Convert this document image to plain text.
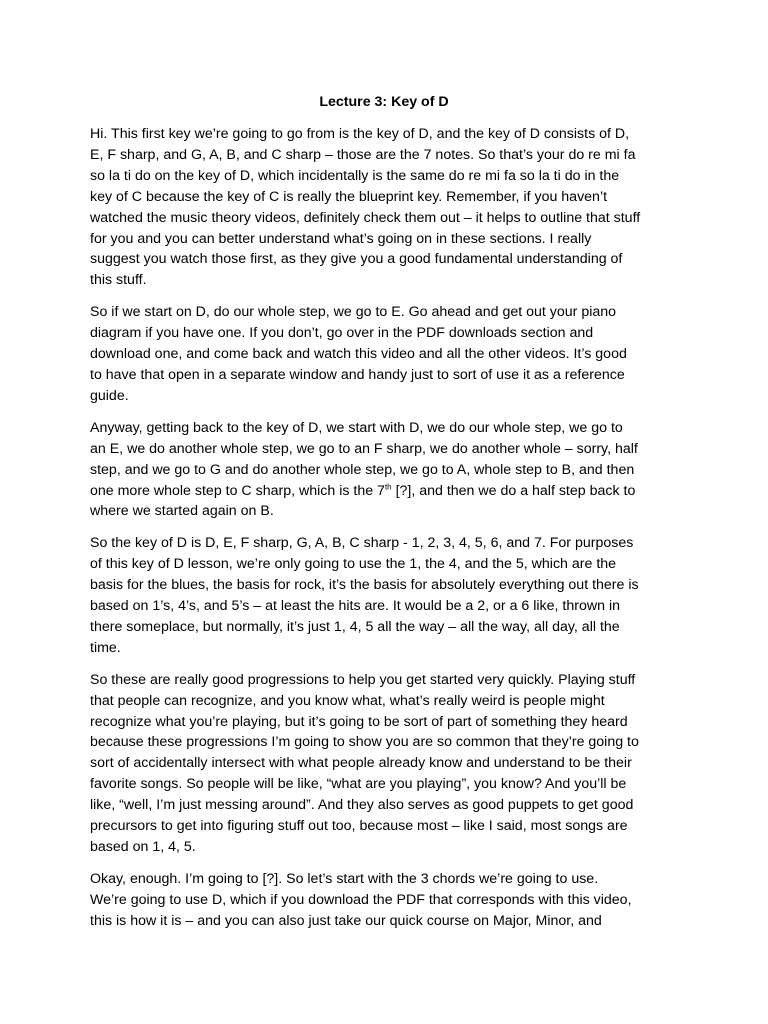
Lecture 3: Key of D

Hi. This first key we’re going to go from is the key of D, and the key of D consists of D,
E, F sharp, and G, A, B, and C sharp – those are the 7 notes. So that’s your do re mi fa
so la ti do on the key of D, which incidentally is the same do re mi fa so la ti do in the
key of C because the key of C is really the blueprint key. Remember, if you haven’t
watched the music theory videos, definitely check them out – it helps to outline that stuff
for you and you can better understand what’s going on in these sections. I really
suggest you watch those first, as they give you a good fundamental understanding of
this stuff.

So if we start on D, do our whole step, we go to E. Go ahead and get out your piano
diagram if you have one. If you don’t, go over in the PDF downloads section and
download one, and come back and watch this video and all the other videos. It’s good
to have that open in a separate window and handy just to sort of use it as a reference
guide.

Anyway, getting back to the key of D, we start with D, we do our whole step, we go to
an E, we do another whole step, we go to an F sharp, we do another whole – sorry, half
step, and we go to G and do another whole step, we go to A, whole step to B, and then
one more whole step to C sharp, which is the 7th [?], and then we do a half step back to
where we started again on B.

So the key of D is D, E, F sharp, G, A, B, C sharp - 1, 2, 3, 4, 5, 6, and 7. For purposes
of this key of D lesson, we’re only going to use the 1, the 4, and the 5, which are the
basis for the blues, the basis for rock, it’s the basis for absolutely everything out there is
based on 1’s, 4’s, and 5’s – at least the hits are. It would be a 2, or a 6 like, thrown in
there someplace, but normally, it’s just 1, 4, 5 all the way – all the way, all day, all the
time.

So these are really good progressions to help you get started very quickly. Playing stuff
that people can recognize, and you know what, what’s really weird is people might
recognize what you’re playing, but it’s going to be sort of part of something they heard
because these progressions I’m going to show you are so common that they’re going to
sort of accidentally intersect with what people already know and understand to be their
favorite songs. So people will be like, “what are you playing”, you know? And you’ll be
like, “well, I’m just messing around”. And they also serves as good puppets to get good
precursors to get into figuring stuff out too, because most – like I said, most songs are
based on 1, 4, 5.

Okay, enough. I’m going to [?]. So let’s start with the 3 chords we’re going to use.
We’re going to use D, which if you download the PDF that corresponds with this video,
this is how it is – and you can also just take our quick course on Major, Minor, and
